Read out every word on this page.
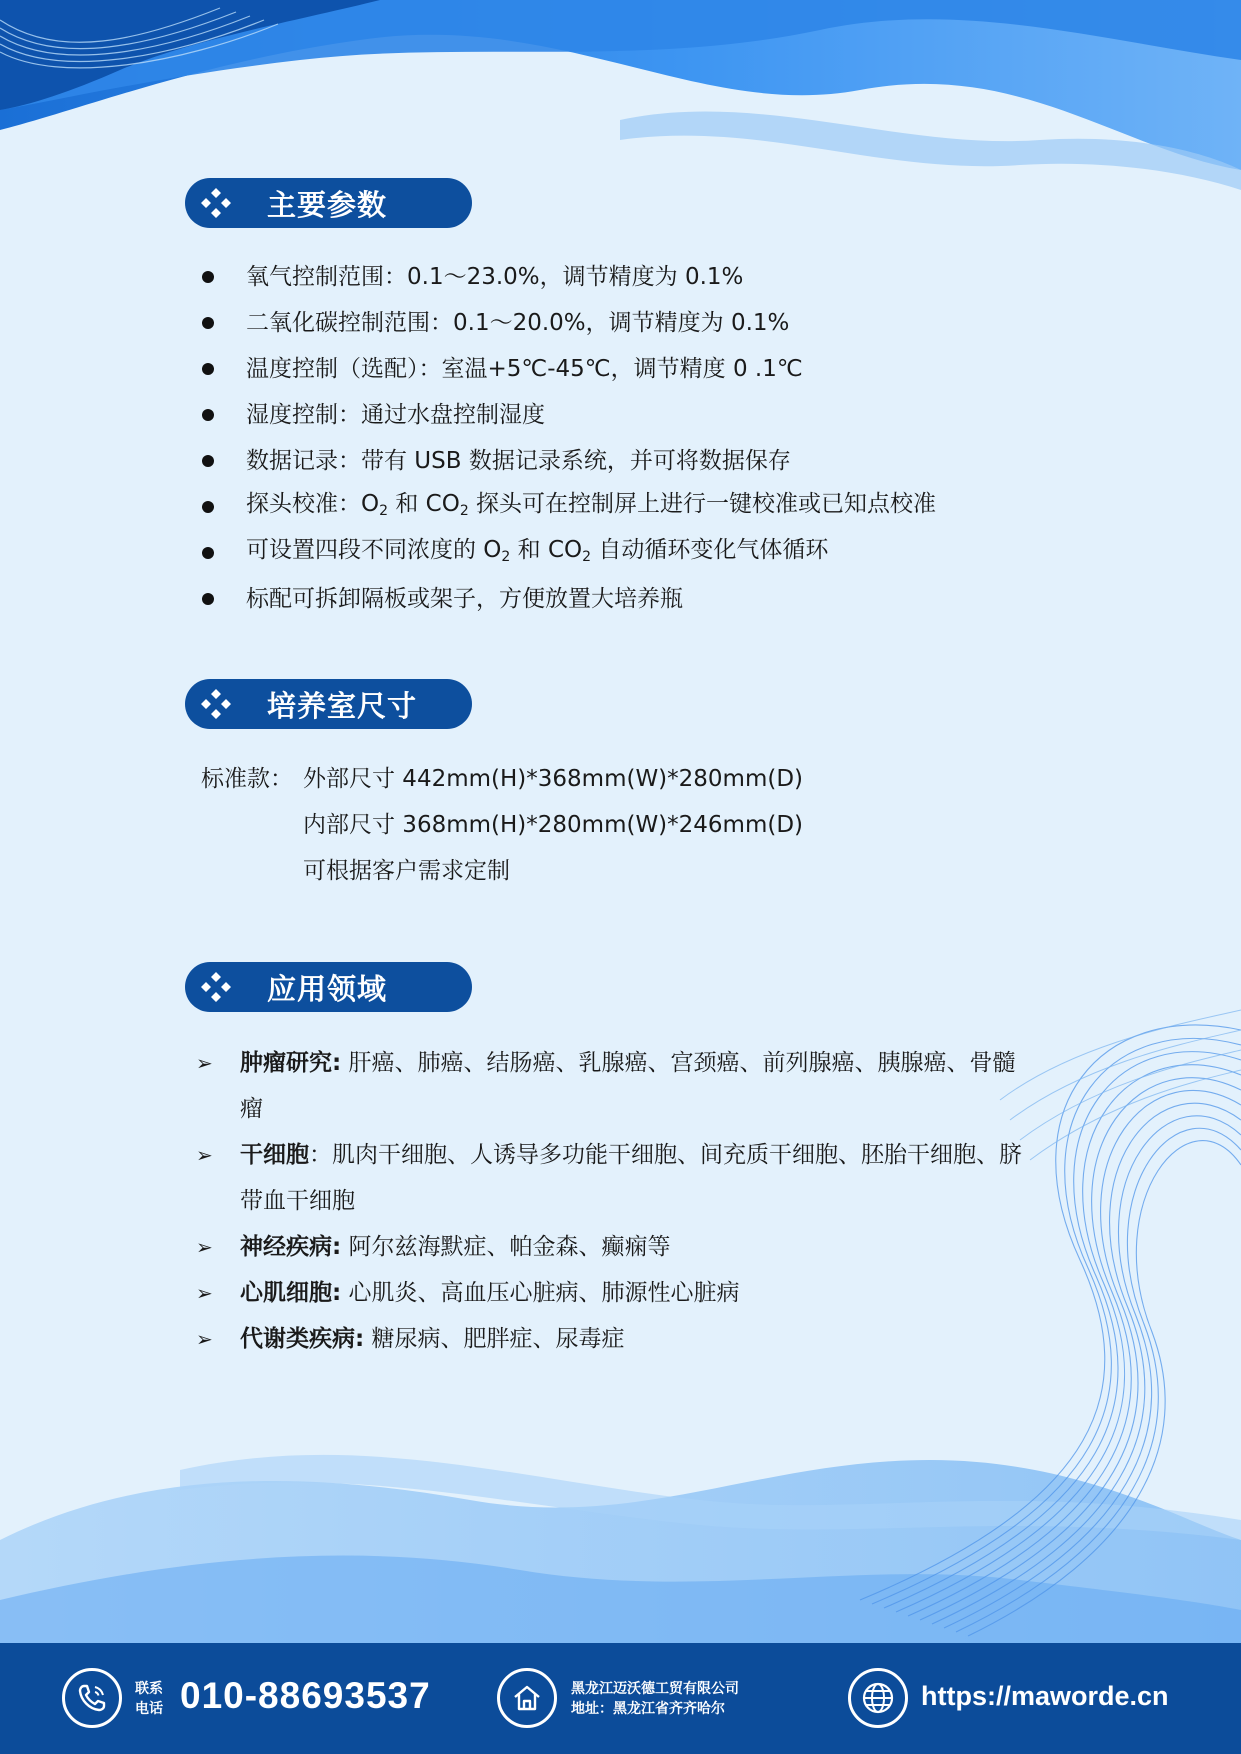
主要参数
氧气控制范围：0.1～23.0%，调节精度为 0.1%
二氧化碳控制范围：0.1～20.0%，调节精度为 0.1%
温度控制（选配）：室温+5℃-45℃，调节精度 0 .1℃
湿度控制：通过水盘控制湿度
数据记录：带有 USB 数据记录系统，并可将数据保存
探头校准：$O_2$ 和 $CO_2$ 探头可在控制屏上进行一键校准或已知点校准
可设置四段不同浓度的 $O_2$ 和 $CO_2$ 自动循环变化气体循环
标配可拆卸隔板或架子，方便放置大培养瓶
培养室尺寸
标准款： 外部尺寸 442mm(H)*368mm(W)*280mm(D)
内部尺寸 368mm(H)*280mm(W)*246mm(D)
可根据客户需求定制
应用领域
➢	肿瘤研究: 肝癌、肺癌、结肠癌、乳腺癌、宫颈癌、前列腺癌、胰腺癌、骨髓瘤
➢	干细胞：肌肉干细胞、人诱导多功能干细胞、间充质干细胞、胚胎干细胞、脐带血干细胞
➢	神经疾病: 阿尔兹海默症、帕金森、癫痫等
➢	心肌细胞: 心肌炎、高血压心脏病、肺源性心脏病
➢	代谢类疾病: 糖尿病、肥胖症、尿毒症
联系
电话 010-88693537	黑龙江迈沃德工贸有限公司
地址：黑龙江省齐齐哈尔	https://maworde.cn
